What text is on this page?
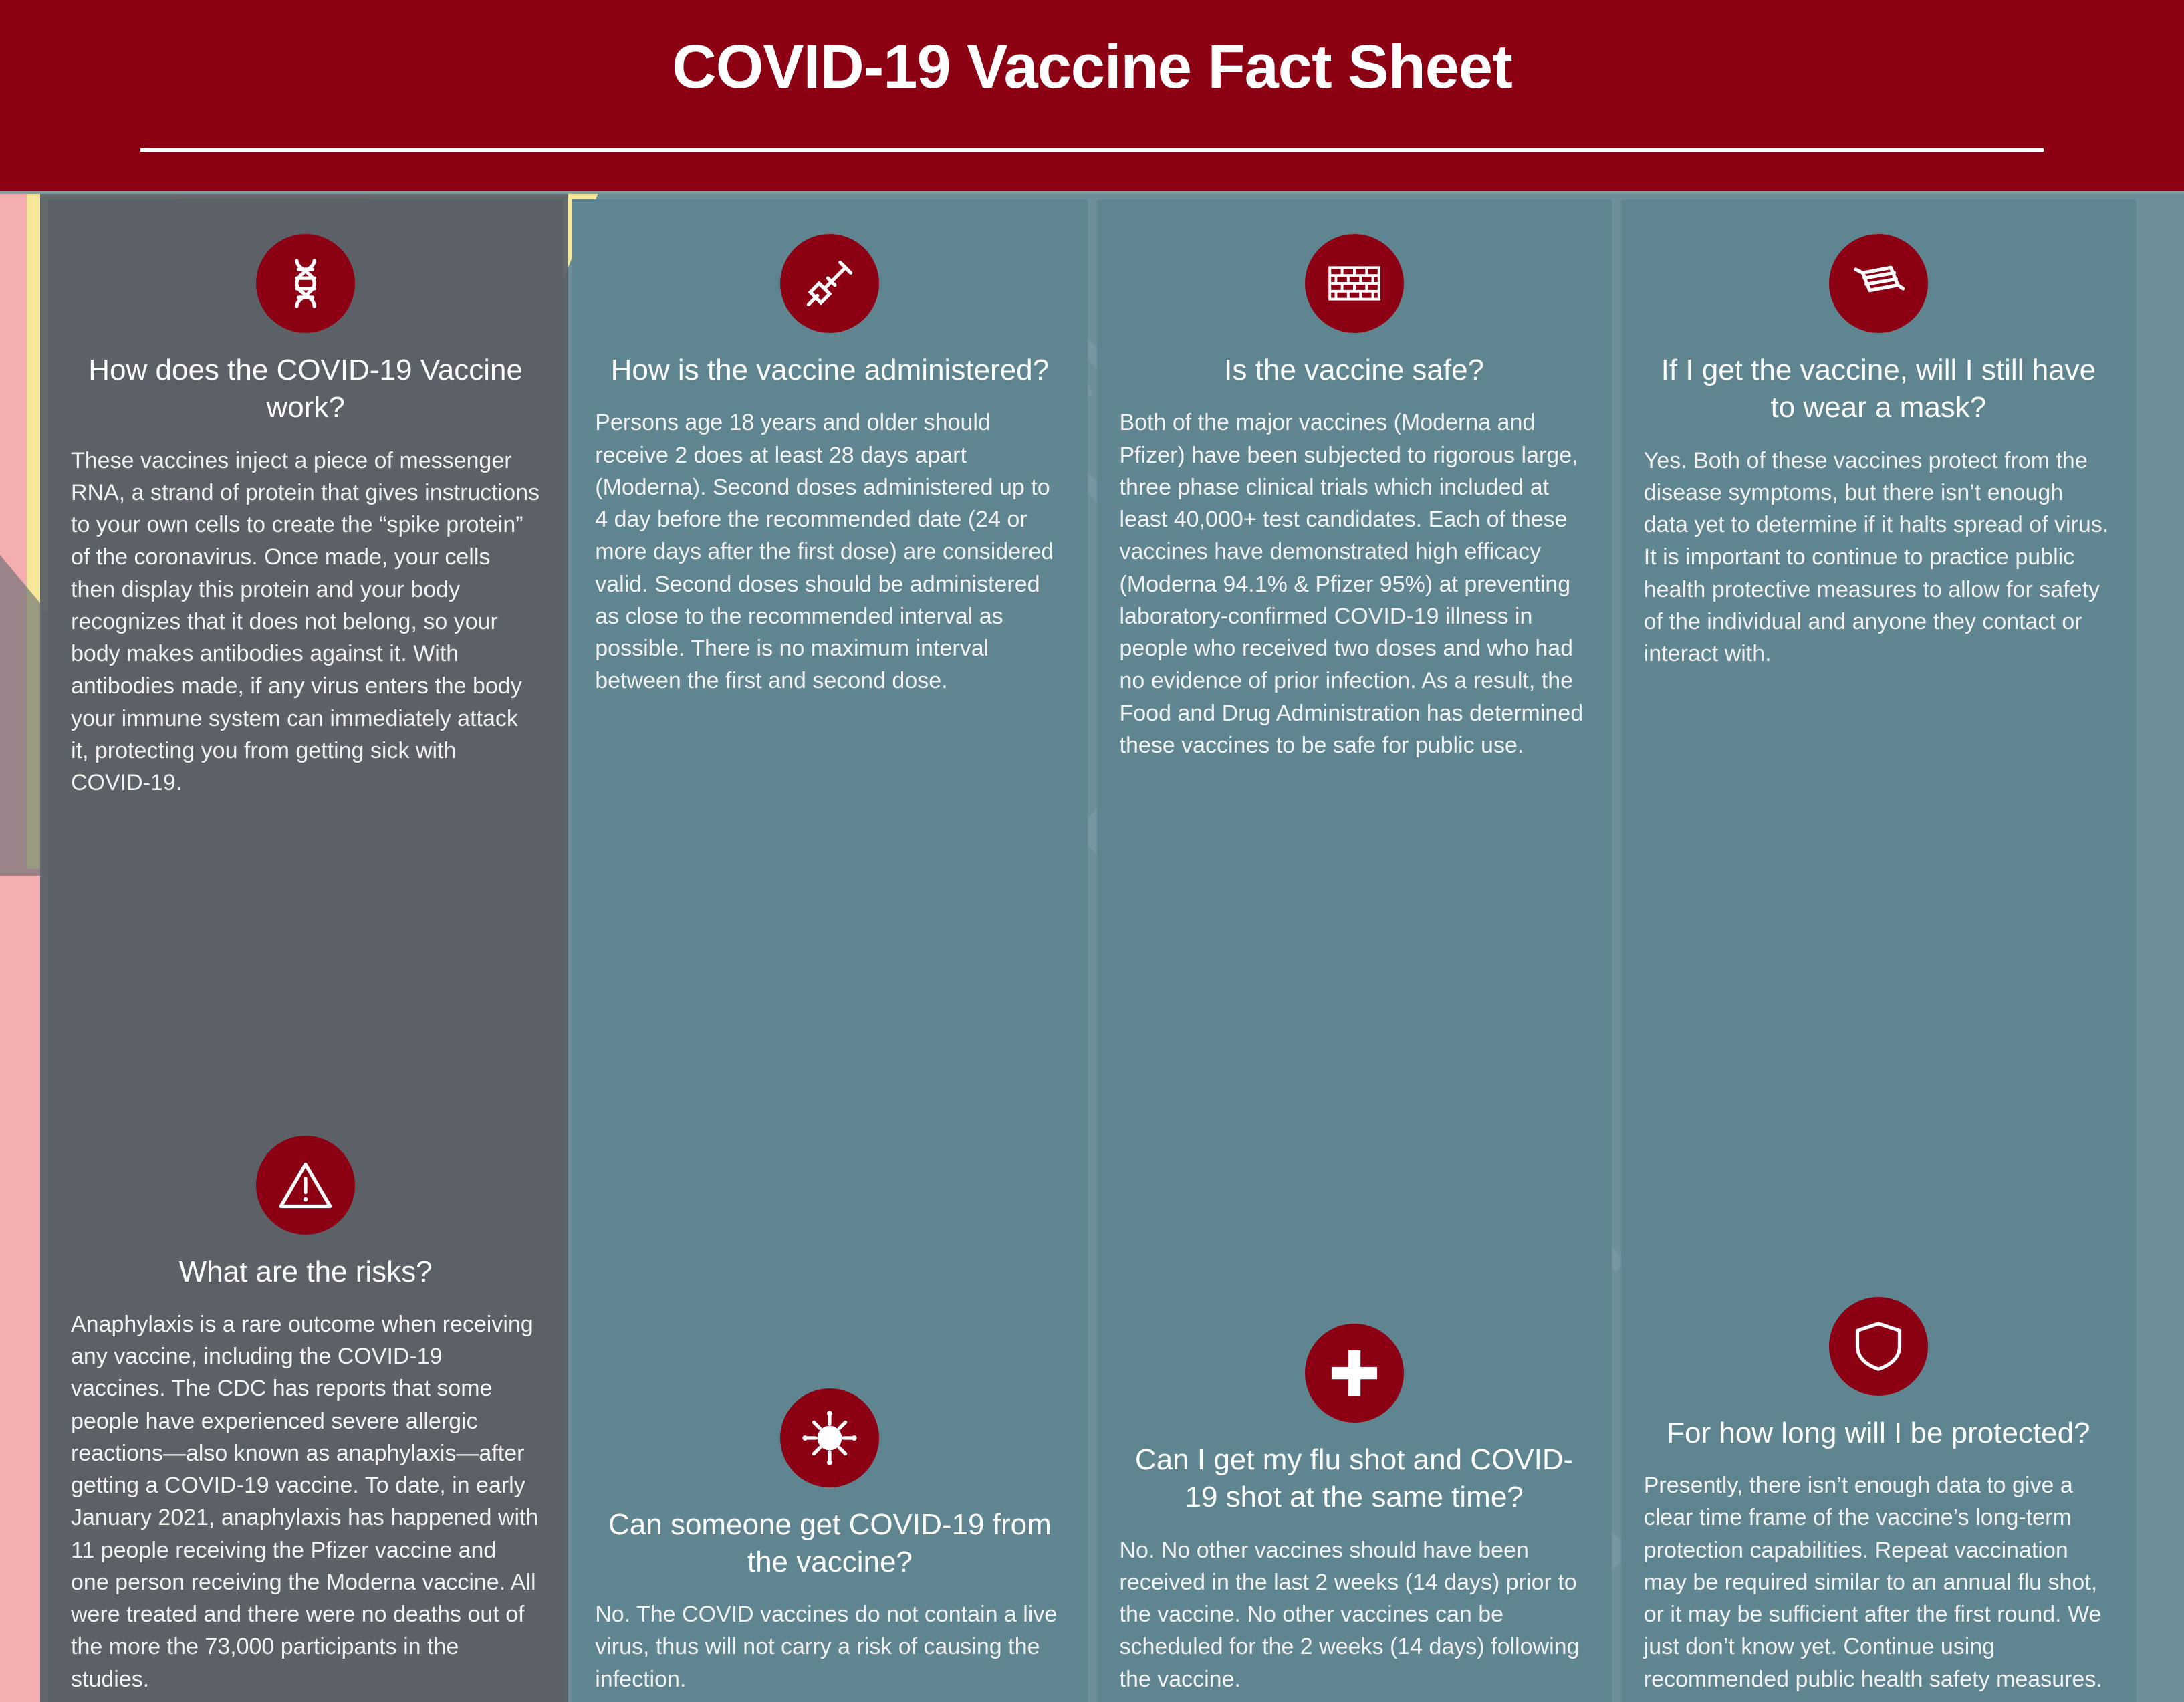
COVID-19 Vaccine Fact Sheet
How does the COVID-19 Vaccine work?
These vaccines inject a piece of messenger RNA, a strand of protein that gives instructions to your own cells to create the “spike protein” of the coronavirus. Once made, your cells then display this protein and your body recognizes that it does not belong, so your body makes antibodies against it. With antibodies made, if any virus enters the body your immune system can immediately attack it, protecting you from getting sick with COVID-19.
What are the risks?
Anaphylaxis is a rare outcome when receiving any vaccine, including the COVID-19 vaccines. The CDC has reports that some people have experienced severe allergic reactions—also known as anaphylaxis—after getting a COVID-19 vaccine. To date, in early January 2021, anaphylaxis has happened with 11 people receiving the Pfizer vaccine and one person receiving the Moderna vaccine. All were treated and there were no deaths out of the more the 73,000 participants in the studies.
How is the vaccine administered?
Persons age 18 years and older should receive 2 does at least 28 days apart (Moderna). Second doses administered up to 4 day before the recommended date (24 or more days after the first dose) are considered valid. Second doses should be administered as close to the recommended interval as possible. There is no maximum interval between the first and second dose.
Can someone get COVID-19 from the vaccine?
No. The COVID vaccines do not contain a live virus, thus will not carry a risk of causing the infection.
Is the vaccine safe?
Both of the major vaccines (Moderna and Pfizer) have been subjected to rigorous large, three phase clinical trials which included at least 40,000+ test candidates. Each of these vaccines have demonstrated high efficacy (Moderna 94.1% & Pfizer 95%) at preventing laboratory-confirmed COVID-19 illness in people who received two doses and who had no evidence of prior infection. As a result, the Food and Drug Administration has determined these vaccines to be safe for public use.
Can I get my flu shot and COVID-19 shot at the same time?
No. No other vaccines should have been received in the last 2 weeks (14 days) prior to the vaccine. No other vaccines can be scheduled for the 2 weeks (14 days) following the vaccine.
If I get the vaccine, will I still have to wear a mask?
Yes. Both of these vaccines protect from the disease symptoms, but there isn’t enough data yet to determine if it halts spread of virus. It is important to continue to practice public health protective measures to allow for safety of the individual and anyone they contact or interact with.
For how long will I be protected?
Presently, there isn’t enough data to give a clear time frame of the vaccine’s long-term protection capabilities. Repeat vaccination may be required similar to an annual flu shot, or it may be sufficient after the first round. We just don’t know yet. Continue using recommended public health safety measures.
